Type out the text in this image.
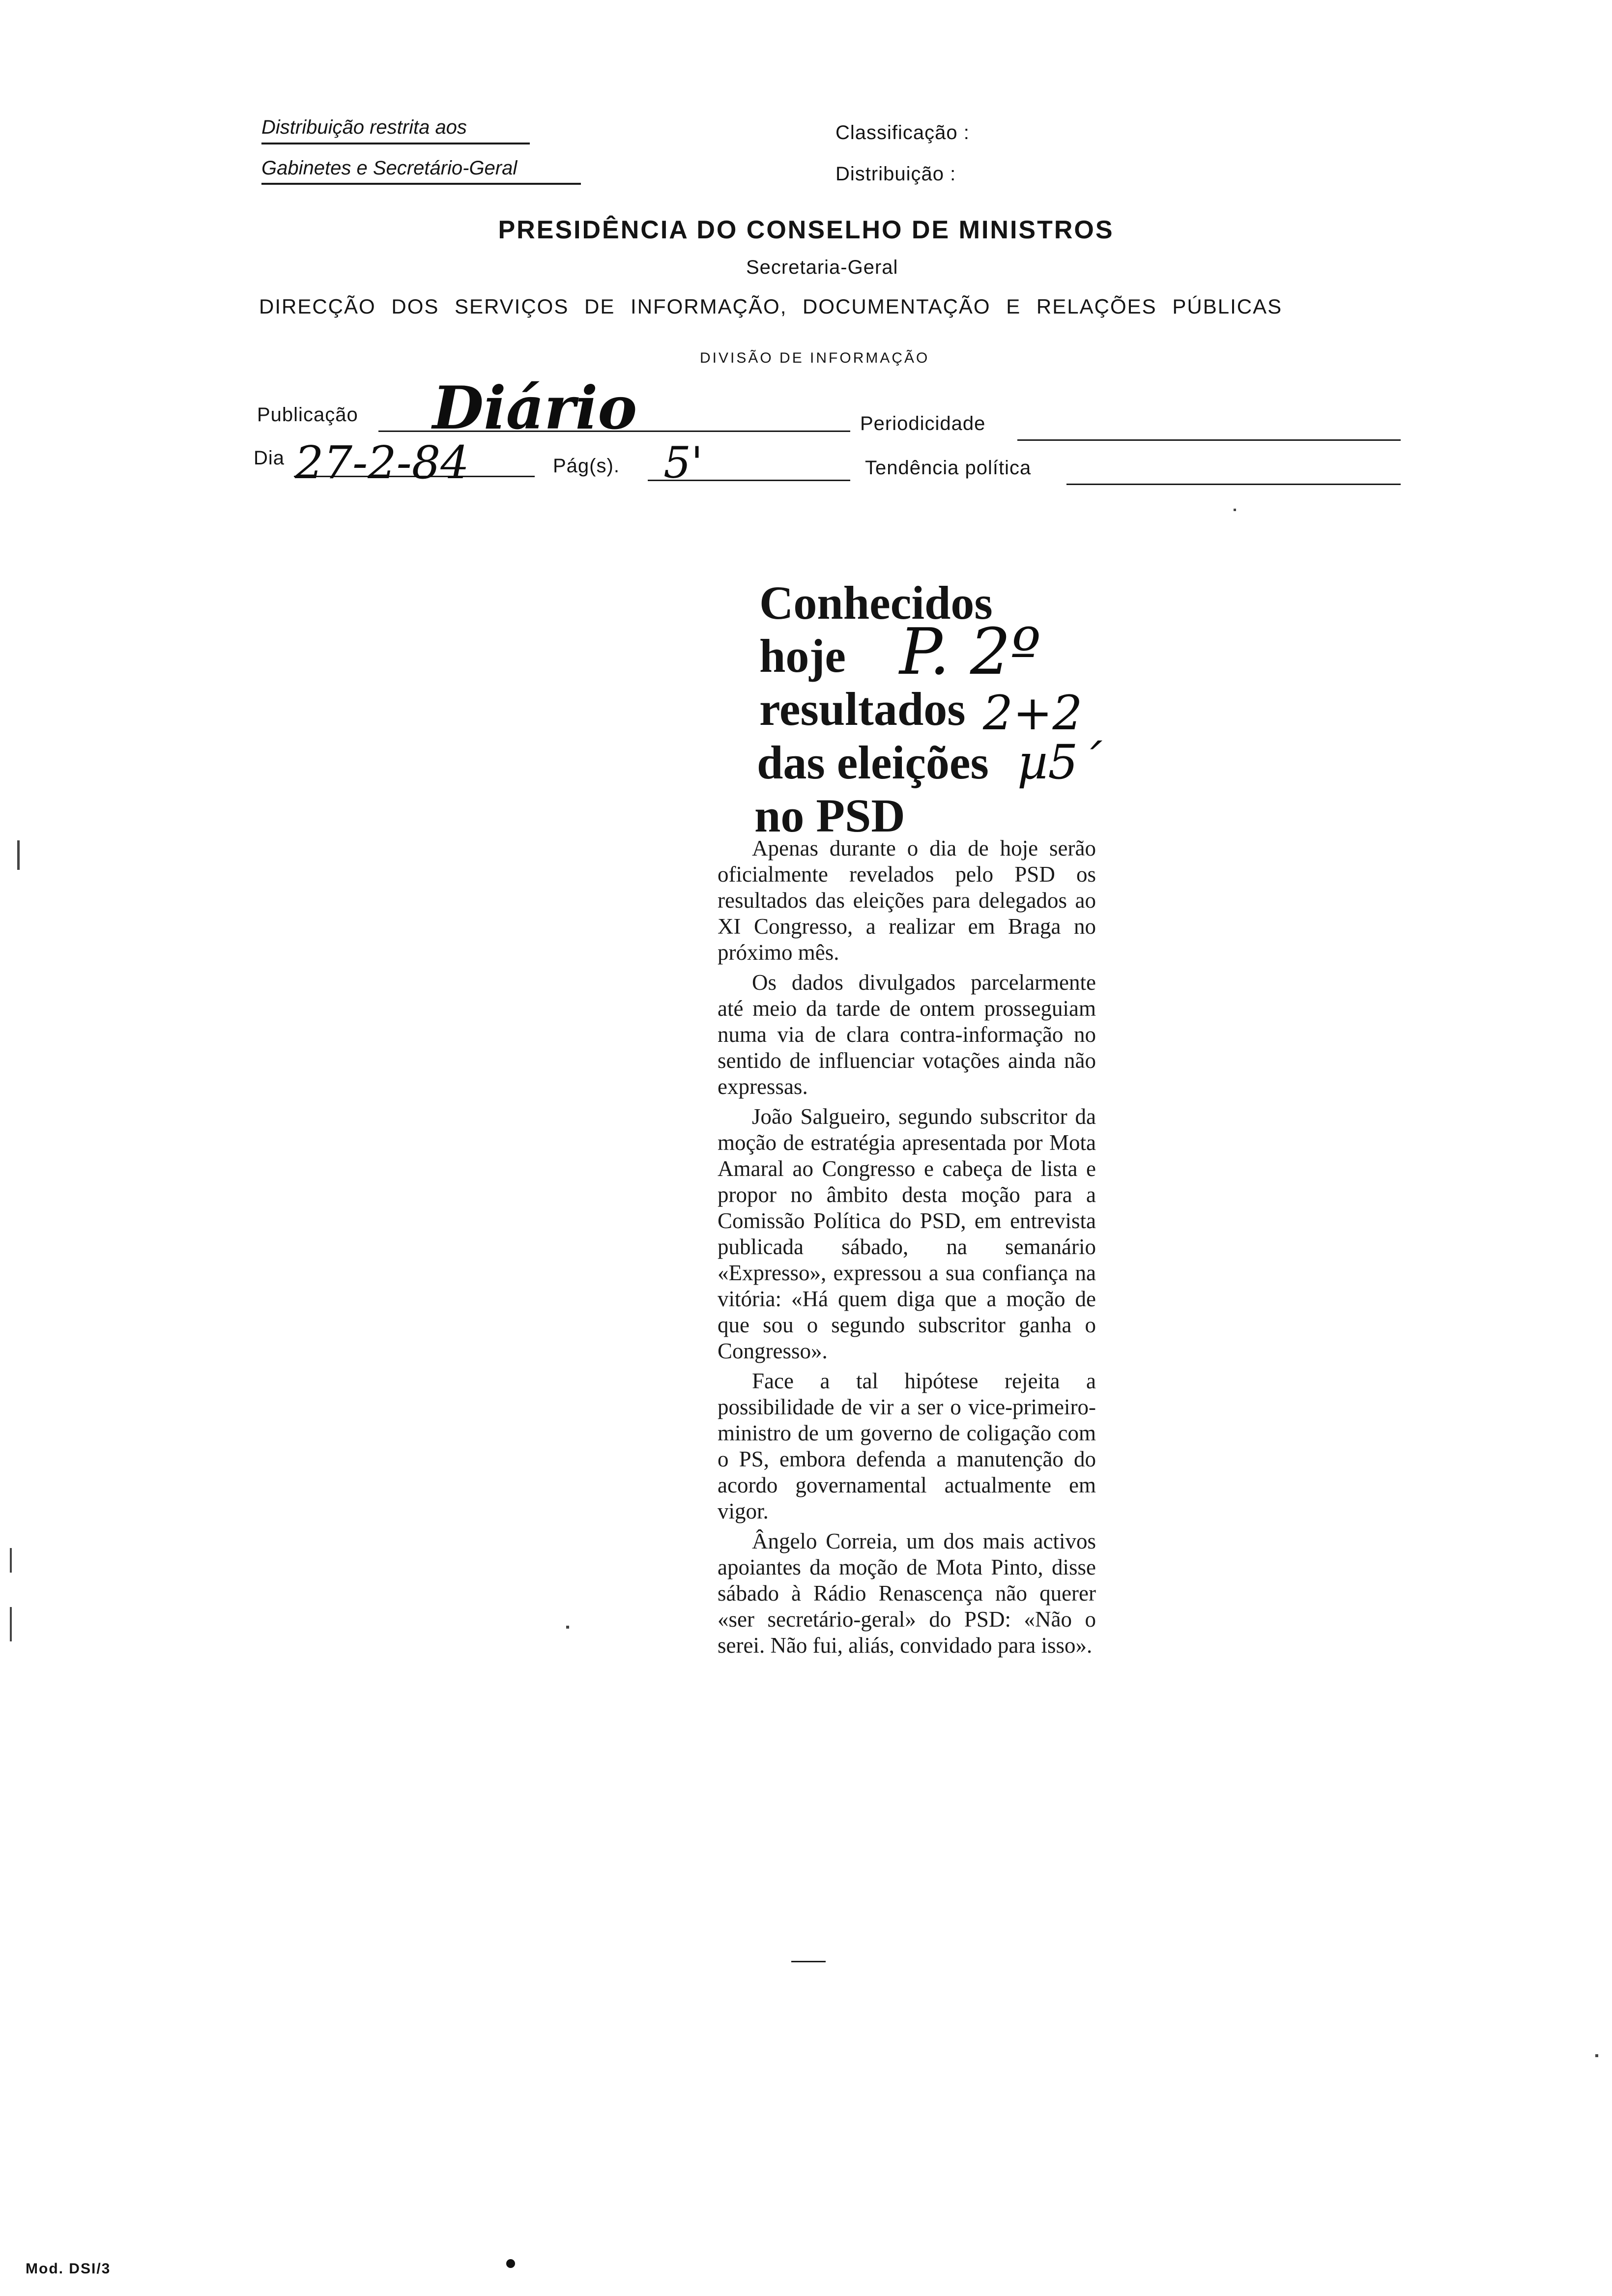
Distribuição restrita aos
Gabinetes e Secretário-Geral
Classificação :
Distribuição :
PRESIDÊNCIA DO CONSELHO DE MINISTROS
Secretaria-Geral
DIRECÇÃO DOS SERVIÇOS DE INFORMAÇÃO, DOCUMENTAÇÃO E RELAÇÕES PÚBLICAS
DIVISÃO DE INFORMAÇÃO
Publicação Diário	Periodicidade
Dia 27-2-84	Pág(s). 5'	Tendência política
Conhecidos
hoje
resultados
das eleições
no PSD
P. 2º
2+2
µ5´

Apenas durante o dia de hoje serão oficialmente revelados pelo PSD os resultados das eleições para delegados ao XI Congresso, a realizar em Braga no próximo mês.

Os dados divulgados parcelarmente até meio da tarde de ontem prosseguiam numa via de clara contra-informação no sentido de influenciar votações ainda não expressas.

João Salgueiro, segundo subscritor da moção de estratégia apresentada por Mota Amaral ao Congresso e cabeça de lista e propor no âmbito desta moção para a Comissão Política do PSD, em entrevista publicada sábado, na semanário «Expresso», expressou a sua confiança na vitória: «Há quem diga que a moção de que sou o segundo subscritor ganha o Congresso».

Face a tal hipótese rejeita a possibilidade de vir a ser o vice-primeiro-ministro de um governo de coligação com o PS, embora defenda a manutenção do acordo governamental actualmente em vigor.

Ângelo Correia, um dos mais activos apoiantes da moção de Mota Pinto, disse sábado à Rádio Renascença não querer «ser secretário-geral» do PSD: «Não o serei. Não fui, aliás, convidado para isso».

Mod. DSI/3
